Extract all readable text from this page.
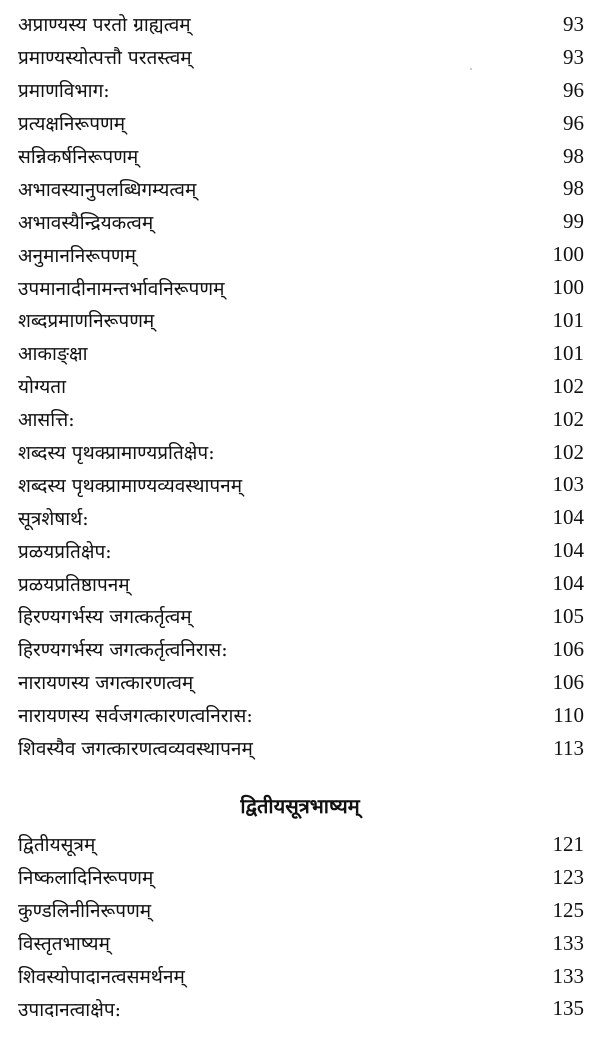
अप्राण्यस्य परतो ग्राह्यत्वम्	93
प्रमाण्यस्योत्पत्तौ परतस्त्वम्	93
प्रमाणविभाग:	96
प्रत्यक्षनिरूपणम्	96
सन्निकर्षनिरूपणम्	98
अभावस्यानुपलब्धिगम्यत्वम्	98
अभावस्यैन्द्रियकत्वम्	99
अनुमाननिरूपणम्	100
उपमानादीनामन्तर्भावनिरूपणम्	100
शब्दप्रमाणनिरूपणम्	101
आकाङ्क्षा	101
योग्यता	102
आसत्ति:	102
शब्दस्य पृथक्प्रामाण्यप्रतिक्षेप:	102
शब्दस्य पृथक्प्रामाण्यव्यवस्थापनम्	103
सूत्रशेषार्थ:	104
प्रळयप्रतिक्षेप:	104
प्रळयप्रतिष्ठापनम्	104
हिरण्यगर्भस्य जगत्कर्तृत्वम्	105
हिरण्यगर्भस्य जगत्कर्तृत्वनिरास:	106
नारायणस्य जगत्कारणत्वम्	106
नारायणस्य सर्वजगत्कारणत्वनिरास:	110
शिवस्यैव जगत्कारणत्वव्यवस्थापनम्	113
द्वितीयसूत्रभाष्यम्
द्वितीयसूत्रम्	121
निष्कलादिनिरूपणम्	123
कुण्डलिनीनिरूपणम्	125
विस्तृतभाष्यम्	133
शिवस्योपादानत्वसमर्थनम्	133
उपादानत्वाक्षेप:	135
